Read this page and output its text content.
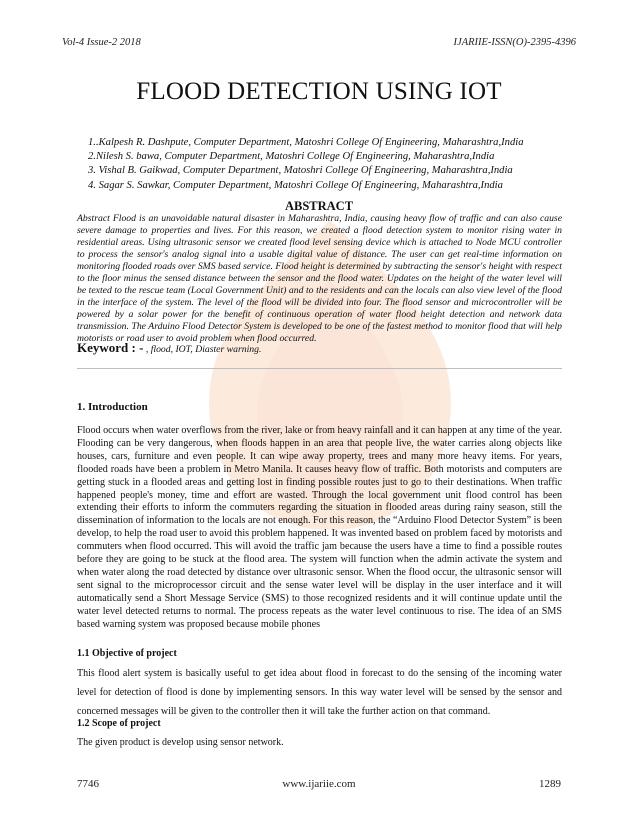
Vol-4 Issue-2 2018	IJARIIE-ISSN(O)-2395-4396
FLOOD DETECTION USING IOT
1..Kalpesh R. Dashpute, Computer Department, Matoshri College Of Engineering, Maharashtra,India
2.Nilesh S. bawa, Computer Department, Matoshri College Of Engineering, Maharashtra,India
3. Vishal B. Gaikwad, Computer Department, Matoshri College Of Engineering, Maharashtra,India
4. Sagar S. Sawkar, Computer Department, Matoshri College Of Engineering, Maharashtra,India
ABSTRACT

Abstract Flood is an unavoidable natural disaster in Maharashtra, India, causing heavy flow of traffic and can also cause severe damage to properties and lives. For this reason, we created a flood detection system to monitor rising water in residential areas. Using ultrasonic sensor we created flood level sensing device which is attached to Node MCU controller to process the sensor's analog signal into a usable digital value of distance. The user can get real-time information on monitoring flooded roads over SMS based service. Flood height is determined by subtracting the sensor's height with respect to the floor minus the sensed distance between the sensor and the flood water. Updates on the height of the water level will be texted to the rescue team (Local Government Unit) and to the residents and can the locals can also view level of the flood in the interface of the system. The level of the flood will be divided into four. The flood sensor and microcontroller will be powered by a solar power for the benefit of continuous operation of water flood height detection and network data transmission. The Arduino Flood Detector System is developed to be one of the fastest method to monitor flood that will help motorists or road user to avoid problem when flood occurred.

Keyword : - , flood, IOT, Diaster warning.
1. Introduction

Flood occurs when water overflows from the river, lake or from heavy rainfall and it can happen at any time of the year. Flooding can be very dangerous, when floods happen in an area that people live, the water carries along objects like houses, cars, furniture and even people. It can wipe away property, trees and many more heavy items. For years, flooded roads have been a problem in Metro Manila. It causes heavy flow of traffic. Both motorists and computers are getting stuck in a flooded areas and getting lost in finding possible routes just to go to their destinations. When traffic happened people's money, time and effort are wasted. Through the local government unit flood control has been extending their efforts to inform the commuters regarding the situation in flooded areas during rainy season, still the dissemination of information to the locals are not enough. For this reason, the “Arduino Flood Detector System” is been develop, to help the road user to avoid this problem happened. It was invented based on problem faced by motorists and commuters when flood occurred. This will avoid the traffic jam because the users have a time to find a possible routes before they are going to be stuck at the flood area. The system will function when the admin activate the system and when water along the road detected by distance over ultrasonic sensor. When the flood occur, the ultrasonic sensor will sent signal to the microprocessor circuit and the sense water level will be display in the user interface and it will automatically send a Short Message Service (SMS) to those recognized residents and it will continue update until the water level detected returns to normal. The process repeats as the water level continuous to rise. The idea of an SMS based warning system was proposed because mobile phones

1.1 Objective of project

This flood alert system is basically useful to get idea about flood in forecast to do the sensing of the incoming water level for detection of flood is done by implementing sensors. In this way water level will be sensed by the sensor and concerned messages will be given to the controller then it will take the further action on that command.

1.2 Scope of project

The given product is develop using sensor network.

7746	www.ijariie.com	1289
